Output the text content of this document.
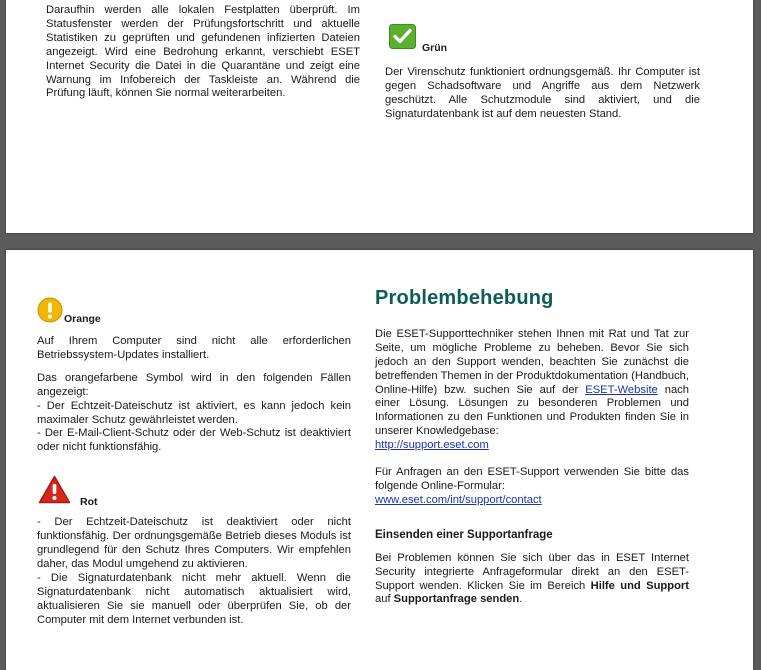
Daraufhin werden alle lokalen Festplatten überprüft. Im Statusfenster werden der Prüfungsfortschritt und aktuelle Statistiken zu geprüften und gefundenen infizierten Dateien angezeigt. Wird eine Bedrohung erkannt, verschiebt ESET Internet Security die Datei in die Quarantäne und zeigt eine Warnung im Infobereich der Taskleiste an. Während die Prüfung läuft, können Sie normal weiterarbeiten.

Grün

Der Virenschutz funktioniert ordnungsgemäß. Ihr Computer ist gegen Schadsoftware und Angriffe aus dem Netzwerk geschützt. Alle Schutzmodule sind aktiviert, und die Signaturdatenbank ist auf dem neuesten Stand.

Orange

Auf Ihrem Computer sind nicht alle erforderlichen Betriebssystem-Updates installiert.

Das orangefarbene Symbol wird in den folgenden Fällen angezeigt:

- Der Echtzeit-Dateischutz ist aktiviert, es kann jedoch kein maximaler Schutz gewährleistet werden.

- Der E-Mail-Client-Schutz oder der Web-Schutz ist deaktiviert oder nicht funktionsfähig.

Rot

- Der Echtzeit-Dateischutz ist deaktiviert oder nicht funktionsfähig. Der ordnungsgemäße Betrieb dieses Moduls ist grundlegend für den Schutz Ihres Computers. Wir empfehlen daher, das Modul umgehend zu aktivieren.

- Die Signaturdatenbank nicht mehr aktuell. Wenn die Signaturdatenbank nicht automatisch aktualisiert wird, aktualisieren Sie sie manuell oder überprüfen Sie, ob der Computer mit dem Internet verbunden ist.

Problembehebung

Die ESET-Supporttechniker stehen Ihnen mit Rat und Tat zur Seite, um mögliche Probleme zu beheben. Bevor Sie sich jedoch an den Support wenden, beachten Sie zunächst die betreffenden Themen in der Produktdokumentation (Handbuch, Online-Hilfe) bzw. suchen Sie auf der ESET-Website nach einer Lösung. Lösungen zu besonderen Problemen und Informationen zu den Funktionen und Produkten finden Sie in unserer Knowledgebase:

http://support.eset.com

Für Anfragen an den ESET-Support verwenden Sie bitte das folgende Online-Formular:

www.eset.com/int/support/contact

Einsenden einer Supportanfrage

Bei Problemen können Sie sich über das in ESET Internet Security integrierte Anfrageformular direkt an den ESET-Support wenden. Klicken Sie im Bereich Hilfe und Support auf Supportanfrage senden.
